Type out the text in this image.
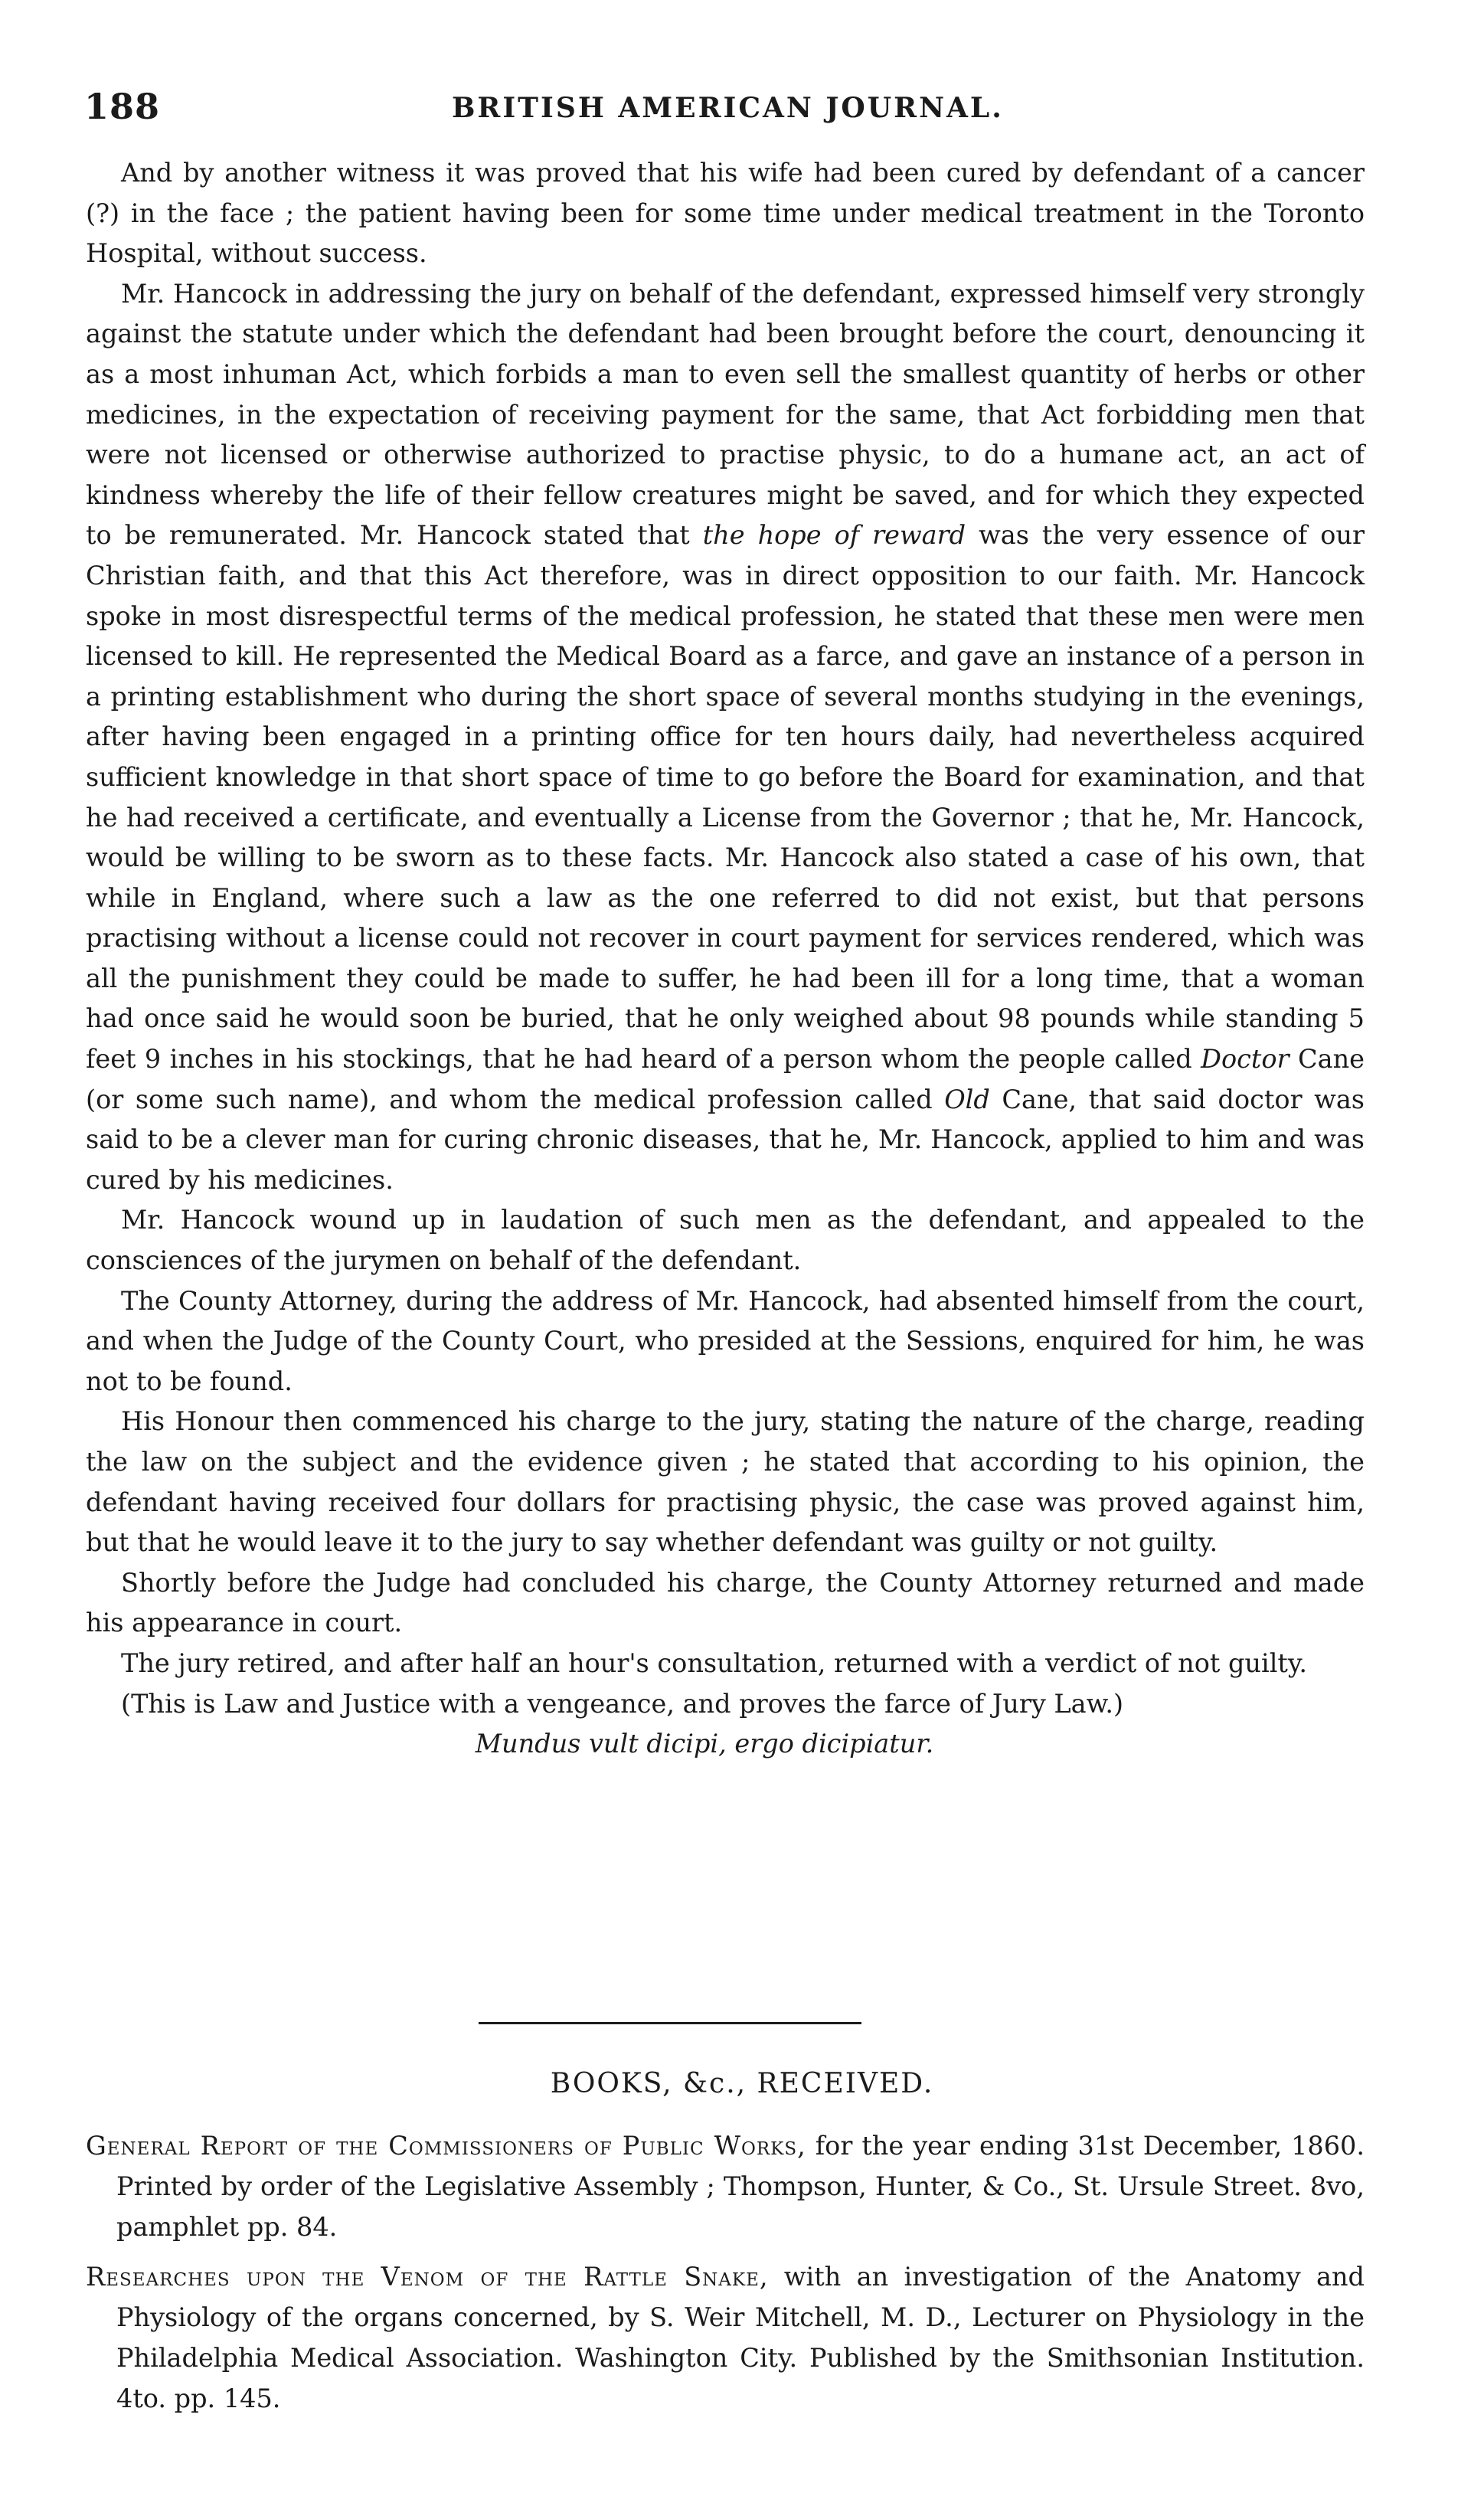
188	BRITISH AMERICAN JOURNAL.

And by another witness it was proved that his wife had been cured by defendant of a cancer (?) in the face ; the patient having been for some time under medical treatment in the Toronto Hospital, without success.

Mr. Hancock in addressing the jury on behalf of the defendant, expressed himself very strongly against the statute under which the defendant had been brought before the court, denouncing it as a most inhuman Act, which forbids a man to even sell the smallest quantity of herbs or other medicines, in the expectation of receiving payment for the same, that Act forbidding men that were not licensed or otherwise authorized to practise physic, to do a humane act, an act of kindness whereby the life of their fellow creatures might be saved, and for which they expected to be remunerated. Mr. Hancock stated that the hope of reward was the very essence of our Christian faith, and that this Act therefore, was in direct opposition to our faith. Mr. Hancock spoke in most disrespectful terms of the medical profession, he stated that these men were men licensed to kill. He represented the Medical Board as a farce, and gave an instance of a person in a printing establishment who during the short space of several months studying in the evenings, after having been engaged in a printing office for ten hours daily, had nevertheless acquired sufficient knowledge in that short space of time to go before the Board for examination, and that he had received a certificate, and eventually a License from the Governor ; that he, Mr. Hancock, would be willing to be sworn as to these facts. Mr. Hancock also stated a case of his own, that while in England, where such a law as the one referred to did not exist, but that persons practising without a license could not recover in court payment for services rendered, which was all the punishment they could be made to suffer, he had been ill for a long time, that a woman had once said he would soon be buried, that he only weighed about 98 pounds while standing 5 feet 9 inches in his stockings, that he had heard of a person whom the people called Doctor Cane (or some such name), and whom the medical profession called Old Cane, that said doctor was said to be a clever man for curing chronic diseases, that he, Mr. Hancock, applied to him and was cured by his medicines.

Mr. Hancock wound up in laudation of such men as the defendant, and appealed to the consciences of the jurymen on behalf of the defendant.

The County Attorney, during the address of Mr. Hancock, had absented himself from the court, and when the Judge of the County Court, who presided at the Sessions, enquired for him, he was not to be found.

His Honour then commenced his charge to the jury, stating the nature of the charge, reading the law on the subject and the evidence given ; he stated that according to his opinion, the defendant having received four dollars for practising physic, the case was proved against him, but that he would leave it to the jury to say whether defendant was guilty or not guilty.

Shortly before the Judge had concluded his charge, the County Attorney returned and made his appearance in court.

The jury retired, and after half an hour's consultation, returned with a verdict of not guilty.

(This is Law and Justice with a vengeance, and proves the farce of Jury Law.)

Mundus vult dicipi, ergo dicipiatur.

BOOKS, &c., RECEIVED.

General Report of the Commissioners of Public Works, for the year ending 31st December, 1860. Printed by order of the Legislative Assembly ; Thompson, Hunter, & Co., St. Ursule Street. 8vo, pamphlet pp. 84.

Researches upon the Venom of the Rattle Snake, with an investigation of the Anatomy and Physiology of the organs concerned, by S. Weir Mitchell, M. D., Lecturer on Physiology in the Philadelphia Medical Association. Washington City. Published by the Smithsonian Institution. 4to. pp. 145.
